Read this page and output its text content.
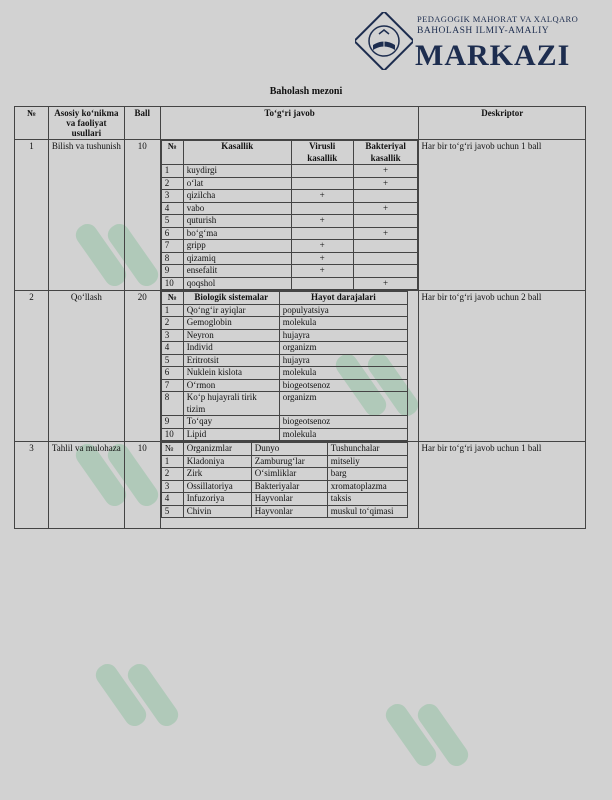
PEDAGOGIK MAHORAT VA XALQARO
BAHOLASH ILMIY-AMALIY
MARKAZI
Baholash mezoni
№	Asosiy ko‘nikma va faoliyat usullari	Ball	To‘g‘ri javob	Deskriptor
1	Bilish va tushunish	10	№	Kasallik	Virusli kasallik	Bakteriyal kasallik
1	kuydirgi		+
2	o‘lat		+
3	qizilcha	+	
4	vabo		+
5	quturish	+	
6	bo‘g‘ma		+
7	gripp	+	
8	qizamiq	+	
9	ensefalit	+	
10	qoqshol		+
	Har bir to‘g‘ri javob uchun 1 ball
2	Qo‘llash	20	№	Biologik sistemalar	Hayot darajalari
1	Qo‘ng‘ir ayiqlar	populyatsiya
2	Gemoglobin	molekula
3	Neyron	hujayra
4	Individ	organizm
5	Eritrotsit	hujayra
6	Nuklein kislota	molekula
7	O‘rmon	biogeotsenoz
8	Ko‘p hujayrali tirik tizim	organizm
9	To‘qay	biogeotsenoz
10	Lipid	molekula
	Har bir to‘g‘ri javob uchun 2 ball
3	Tahlil va mulohaza	10	№	Organizmlar	Dunyo	Tushunchalar
1	Kladoniya	Zamburug‘lar	mitseliy
2	Zirk	O‘simliklar	barg
3	Ossillatoriya	Bakteriyalar	xromatoplazma
4	Infuzoriya	Hayvonlar	taksis
5	Chivin	Hayvonlar	muskul to‘qimasi
	Har bir to‘g‘ri javob uchun 1 ball
